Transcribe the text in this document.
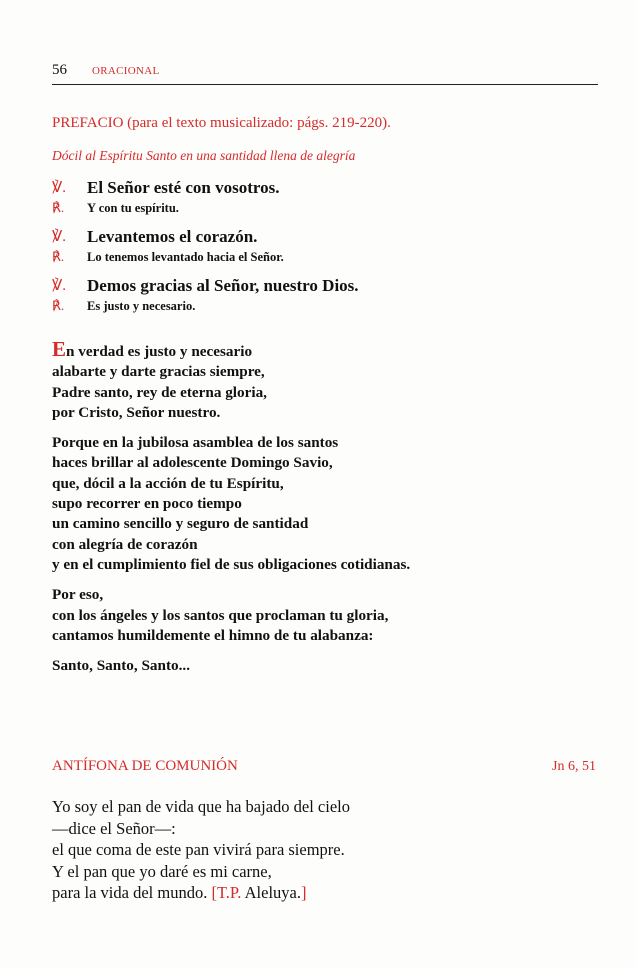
56 ORACIONAL
PREFACIO (para el texto musicalizado: págs. 219-220).
Dócil al Espíritu Santo en una santidad llena de alegría
℣. El Señor esté con vosotros.
℟. Y con tu espíritu.
℣. Levantemos el corazón.
℟. Lo tenemos levantado hacia el Señor.
℣. Demos gracias al Señor, nuestro Dios.
℟. Es justo y necesario.

En verdad es justo y necesario
alabarte y darte gracias siempre,
Padre santo, rey de eterna gloria,
por Cristo, Señor nuestro.

Porque en la jubilosa asamblea de los santos
haces brillar al adolescente Domingo Savio,
que, dócil a la acción de tu Espíritu,
supo recorrer en poco tiempo
un camino sencillo y seguro de santidad
con alegría de corazón
y en el cumplimiento fiel de sus obligaciones cotidianas.

Por eso,
con los ángeles y los santos que proclaman tu gloria,
cantamos humildemente el himno de tu alabanza:

Santo, Santo, Santo...

ANTÍFONA DE COMUNIÓN	Jn 6, 51
Yo soy el pan de vida que ha bajado del cielo
—dice el Señor—:
el que coma de este pan vivirá para siempre.
Y el pan que yo daré es mi carne,
para la vida del mundo. [T.P. Aleluya.]
